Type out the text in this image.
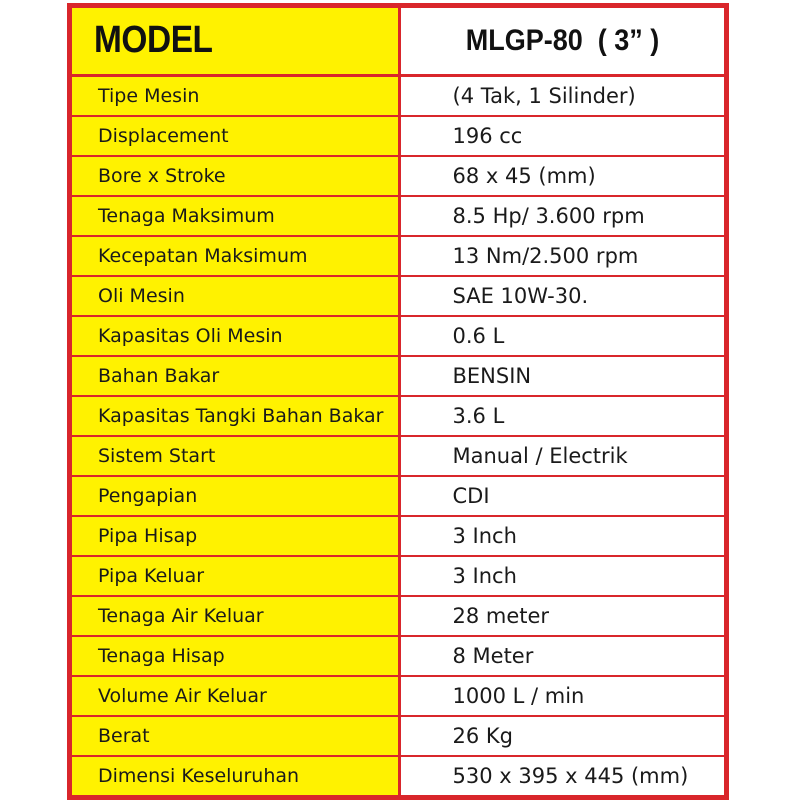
MODEL	MLGP-80  ( 3” )
Tipe Mesin	(4 Tak, 1 Silinder)
Displacement	196 cc
Bore x Stroke	68 x 45 (mm)
Tenaga Maksimum	8.5 Hp/ 3.600 rpm
Kecepatan Maksimum	13 Nm/2.500 rpm
Oli Mesin	SAE 10W-30.
Kapasitas Oli Mesin	0.6 L
Bahan Bakar	BENSIN
Kapasitas Tangki Bahan Bakar	3.6 L
Sistem Start	Manual / Electrik
Pengapian	CDI
Pipa Hisap	3 Inch
Pipa Keluar	3 Inch
Tenaga Air Keluar	28 meter
Tenaga Hisap	8 Meter
Volume Air Keluar	1000 L / min
Berat	26 Kg
Dimensi Keseluruhan	530 x 395 x 445 (mm)
